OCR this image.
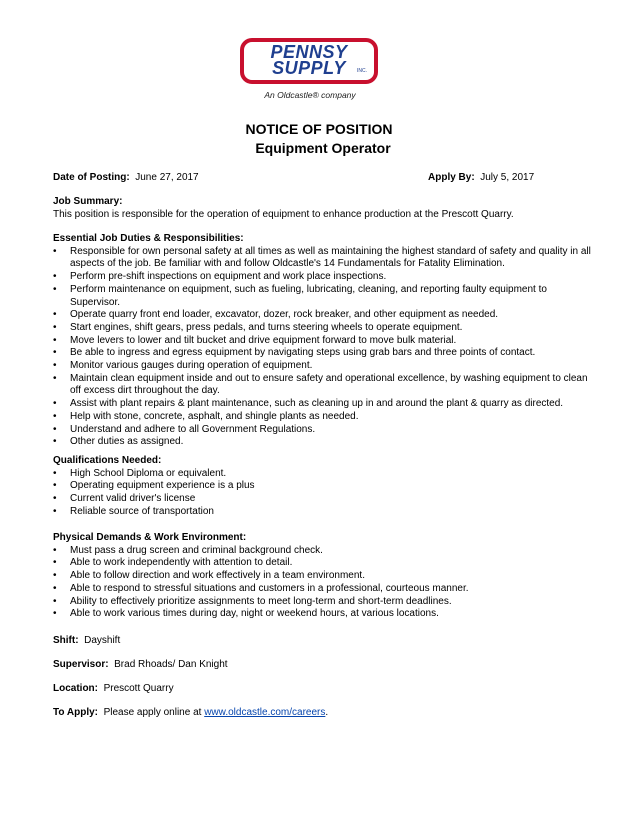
PENNSY
SUPPLY	INC.
An Oldcastle® company
NOTICE OF POSITION
Equipment Operator
Date of Posting: June 27, 2017	Apply By: July 5, 2017

Job Summary:

This position is responsible for the operation of equipment to enhance production at the Prescott Quarry.

Essential Job Duties & Responsibilities:

• Responsible for own personal safety at all times as well as maintaining the highest standard of safety and quality in all aspects of the job. Be familiar with and follow Oldcastle's 14 Fundamentals for Fatality Elimination.
• Perform pre-shift inspections on equipment and work place inspections.
• Perform maintenance on equipment, such as fueling, lubricating, cleaning, and reporting faulty equipment to Supervisor.
• Operate quarry front end loader, excavator, dozer, rock breaker, and other equipment as needed.
• Start engines, shift gears, press pedals, and turns steering wheels to operate equipment.
• Move levers to lower and tilt bucket and drive equipment forward to move bulk material.
• Be able to ingress and egress equipment by navigating steps using grab bars and three points of contact.
• Monitor various gauges during operation of equipment.
• Maintain clean equipment inside and out to ensure safety and operational excellence, by washing equipment to clean off excess dirt throughout the day.
• Assist with plant repairs & plant maintenance, such as cleaning up in and around the plant & quarry as directed.
• Help with stone, concrete, asphalt, and shingle plants as needed.
• Understand and adhere to all Government Regulations.
• Other duties as assigned.

Qualifications Needed:

• High School Diploma or equivalent.
• Operating equipment experience is a plus
• Current valid driver's license
• Reliable source of transportation

Physical Demands & Work Environment:

• Must pass a drug screen and criminal background check.
• Able to work independently with attention to detail.
• Able to follow direction and work effectively in a team environment.
• Able to respond to stressful situations and customers in a professional, courteous manner.
• Ability to effectively prioritize assignments to meet long-term and short-term deadlines.
• Able to work various times during day, night or weekend hours, at various locations.
Shift: Dayshift
Supervisor: Brad Rhoads/ Dan Knight
Location: Prescott Quarry
To Apply: Please apply online at www.oldcastle.com/careers.
